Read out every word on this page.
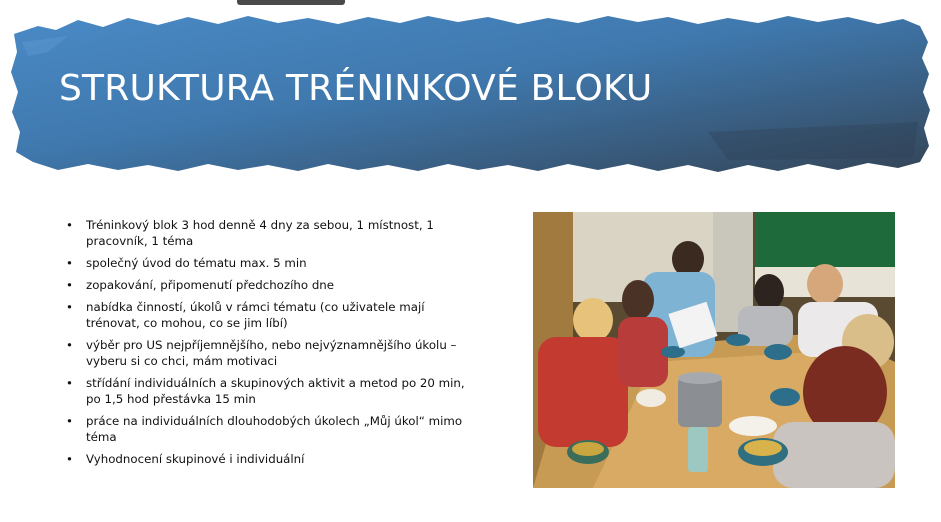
STRUKTURA TRÉNINKOVÉ BLOKU
• Tréninkový blok 3 hod denně 4 dny za sebou, 1 místnost, 1 pracovník, 1 téma
• společný úvod do tématu max. 5 min
• zopakování, připomenutí předchozího dne
• nabídka činností, úkolů v rámci tématu (co uživatele mají trénovat, co mohou, co se jim líbí)
• výběr pro US nejpříjemnějšího, nebo nejvýznamnějšího úkolu – vyberu si co chci, mám motivaci
• střídání individuálních a skupinových aktivit a metod po 20 min, po 1,5 hod přestávka 15 min
• práce na individuálních dlouhodobých úkolech „Můj úkol“ mimo téma
• Vyhodnocení skupinové i individuální
